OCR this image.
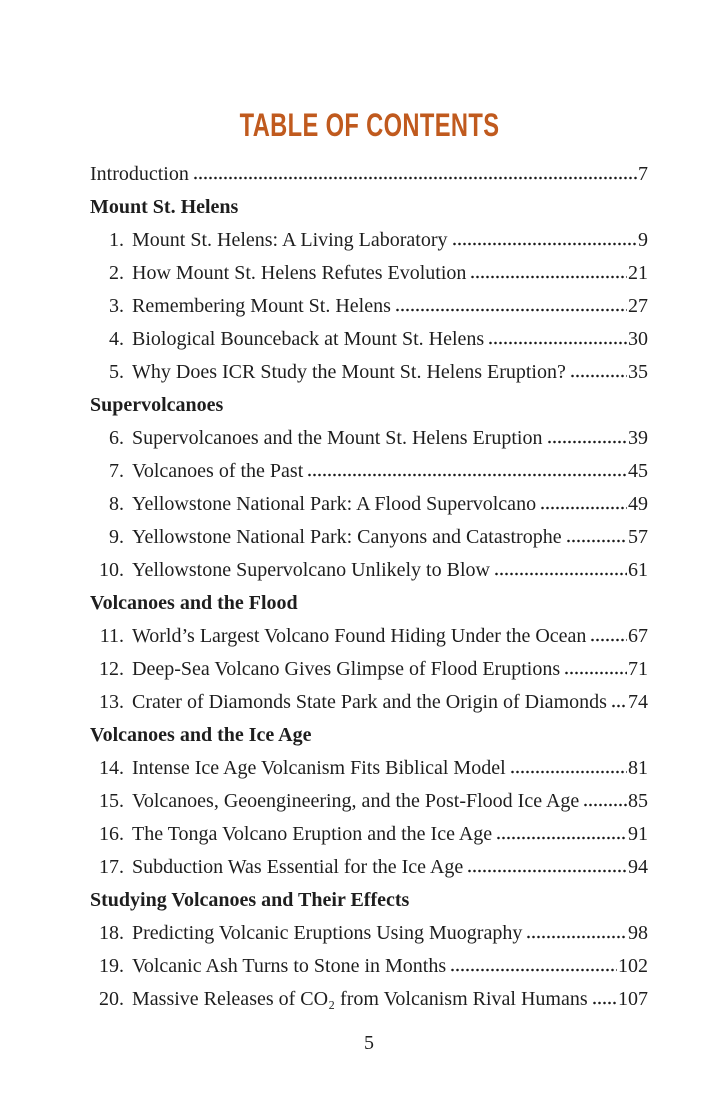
TABLE OF CONTENTS
Introduction	7
Mount St. Helens
1. Mount St. Helens: A Living Laboratory	9
2. How Mount St. Helens Refutes Evolution	21
3. Remembering Mount St. Helens	27
4. Biological Bounceback at Mount St. Helens	30
5. Why Does ICR Study the Mount St. Helens Eruption?	35
Supervolcanoes
6. Supervolcanoes and the Mount St. Helens Eruption	39
7. Volcanoes of the Past	45
8. Yellowstone National Park: A Flood Supervolcano	49
9. Yellowstone National Park: Canyons and Catastrophe	57
10. Yellowstone Supervolcano Unlikely to Blow	61
Volcanoes and the Flood
11. World’s Largest Volcano Found Hiding Under the Ocean 67
12. Deep-Sea Volcano Gives Glimpse of Flood Eruptions	71
13. Crater of Diamonds State Park and the Origin of Diamonds 74
Volcanoes and the Ice Age
14. Intense Ice Age Volcanism Fits Biblical Model	81
15. Volcanoes, Geoengineering, and the Post-Flood Ice Age 85
16. The Tonga Volcano Eruption and the Ice Age	91
17. Subduction Was Essential for the Ice Age	94
Studying Volcanoes and Their Effects
18. Predicting Volcanic Eruptions Using Muography	98
19. Volcanic Ash Turns to Stone in Months	102
20. Massive Releases of CO₂ from Volcanism Rival Humans 107
5
